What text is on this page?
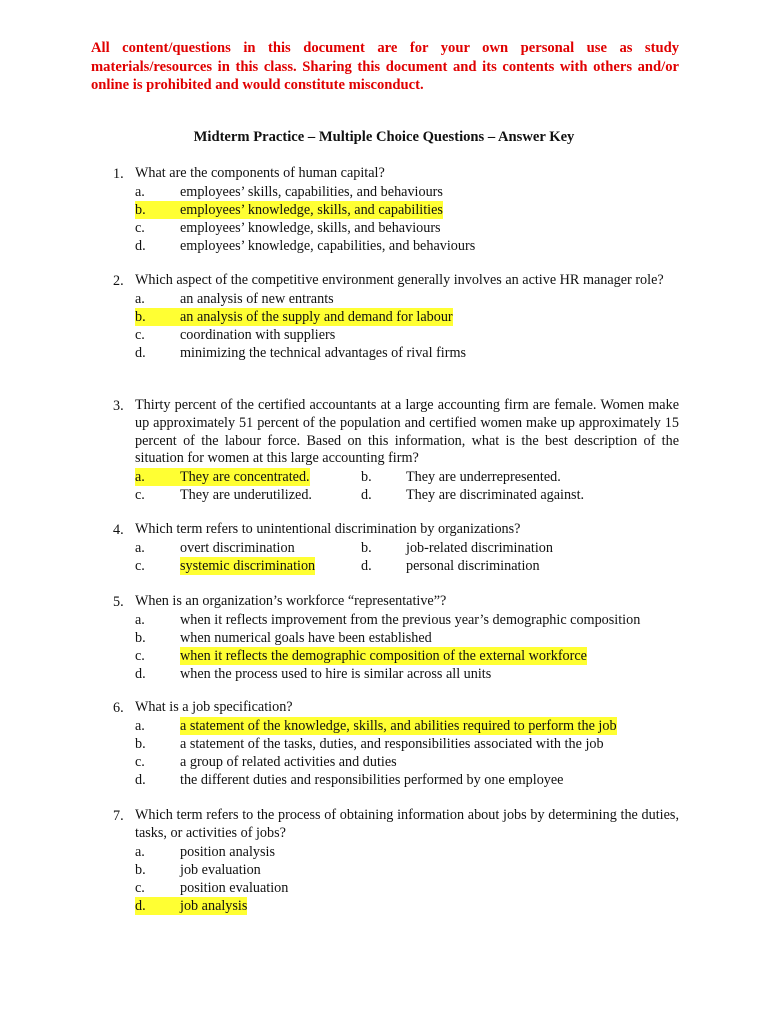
All content/questions in this document are for your own personal use as study materials/resources in this class. Sharing this document and its contents with others and/or online is prohibited and would constitute misconduct.
Midterm Practice – Multiple Choice Questions – Answer Key
1. What are the components of human capital?
a. employees’ skills, capabilities, and behaviours
b.	employees’ knowledge, skills, and capabilities
c. employees’ knowledge, skills, and behaviours
d. employees’ knowledge, capabilities, and behaviours
2. Which aspect of the competitive environment generally involves an active HR manager role?
a. an analysis of new entrants
b.	an analysis of the supply and demand for labour
c. coordination with suppliers
d. minimizing the technical advantages of rival firms
3. Thirty percent of the certified accountants at a large accounting firm are female. Women make up approximately 51 percent of the population and certified women make up approximately 15 percent of the labour force. Based on this information, what is the best description of the situation for women at this large accounting firm?
a.	They are concentrated.	b. They are underrepresented.
c. They are underutilized.	d. They are discriminated against.
4. Which term refers to unintentional discrimination by organizations?
a. overt discrimination	b. job-related discrimination
c. systemic discrimination	d. personal discrimination
5. When is an organization’s workforce “representative”?
a. when it reflects improvement from the previous year’s demographic composition
b. when numerical goals have been established
c. when it reflects the demographic composition of the external workforce
d. when the process used to hire is similar across all units
6. What is a job specification?
a. a statement of the knowledge, skills, and abilities required to perform the job
b. a statement of the tasks, duties, and responsibilities associated with the job
c. a group of related activities and duties
d. the different duties and responsibilities performed by one employee
7. Which term refers to the process of obtaining information about jobs by determining the duties, tasks, or activities of jobs?
a. position analysis
b. job evaluation
c. position evaluation
d.	job analysis
